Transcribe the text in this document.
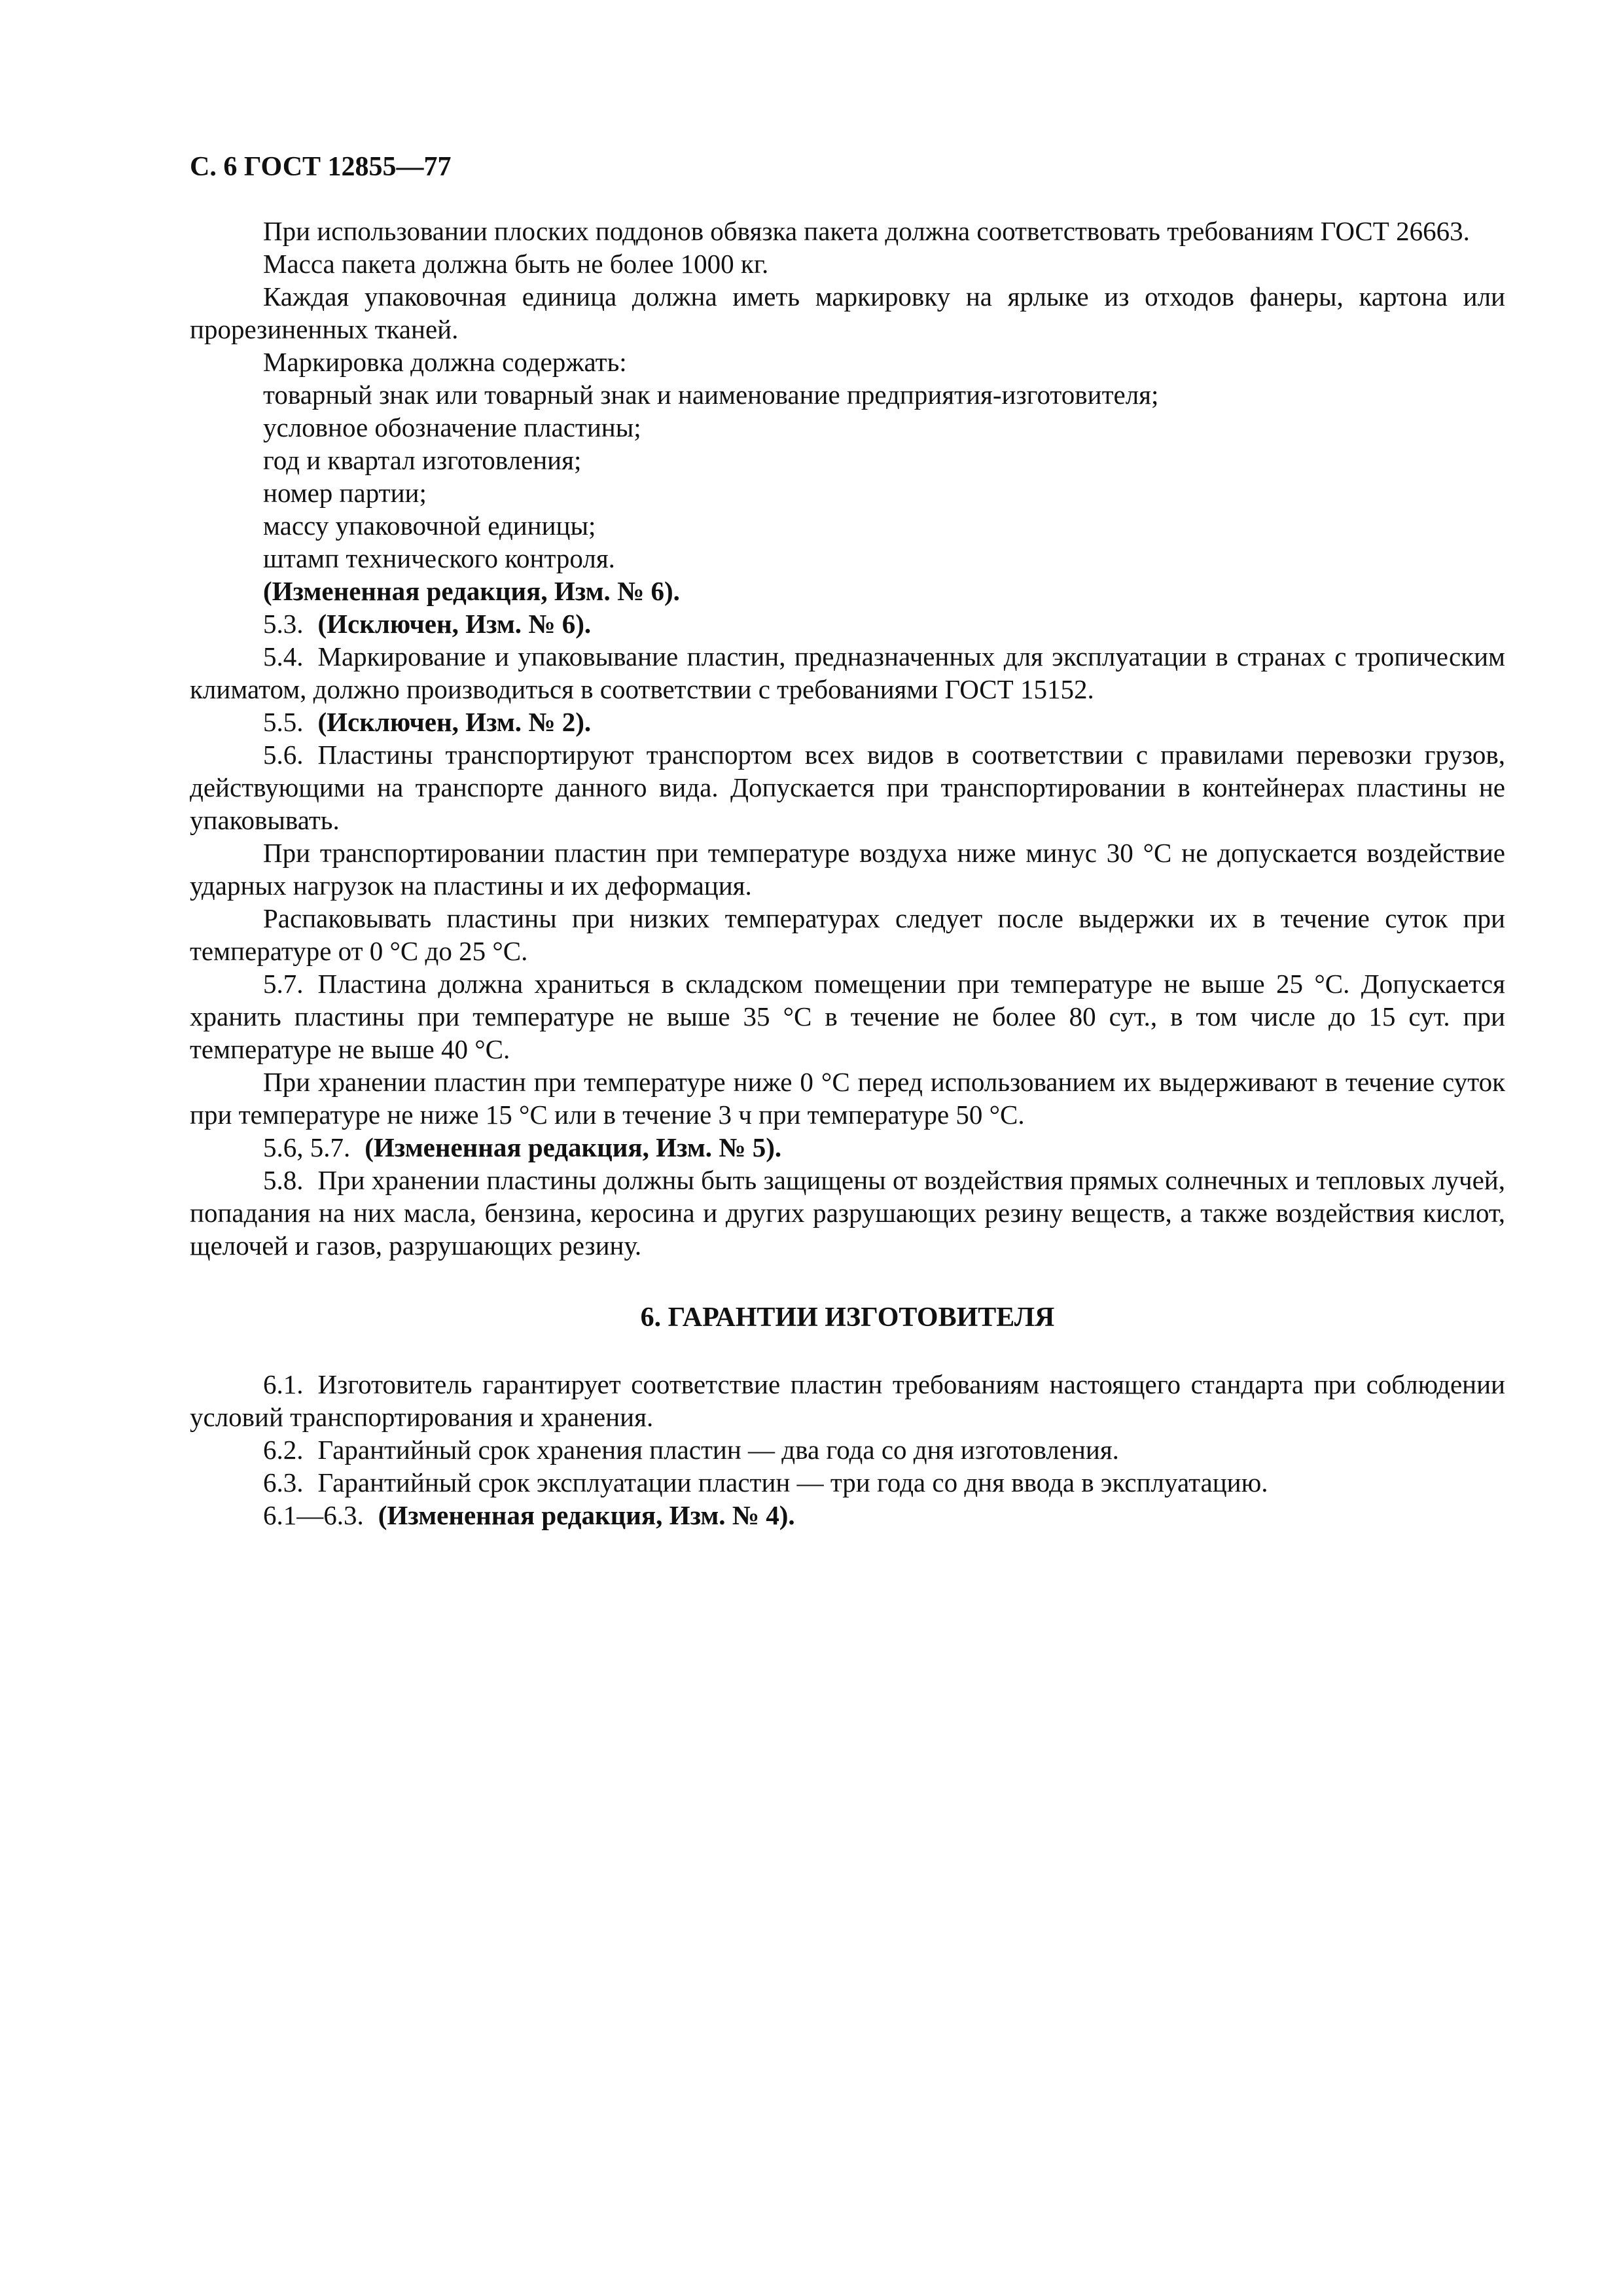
С. 6 ГОСТ 12855—77

При использовании плоских поддонов обвязка пакета должна соответствовать требованиям ГОСТ 26663.

Масса пакета должна быть не более 1000 кг.

Каждая упаковочная единица должна иметь маркировку на ярлыке из отходов фанеры, картона или прорезиненных тканей.

Маркировка должна содержать:

товарный знак или товарный знак и наименование предприятия-изготовителя;

условное обозначение пластины;

год и квартал изготовления;

номер партии;

массу упаковочной единицы;

штамп технического контроля.

(Измененная редакция, Изм. № 6).

5.3. (Исключен, Изм. № 6).

5.4. Маркирование и упаковывание пластин, предназначенных для эксплуатации в странах с тропическим климатом, должно производиться в соответствии с требованиями ГОСТ 15152.

5.5. (Исключен, Изм. № 2).

5.6. Пластины транспортируют транспортом всех видов в соответствии с правилами перевозки грузов, действующими на транспорте данного вида. Допускается при транспортировании в контейнерах пластины не упаковывать.

При транспортировании пластин при температуре воздуха ниже минус 30 °С не допускается воздействие ударных нагрузок на пластины и их деформация.

Распаковывать пластины при низких температурах следует после выдержки их в течение суток при температуре от 0 °С до 25 °С.

5.7. Пластина должна храниться в складском помещении при температуре не выше 25 °С. Допускается хранить пластины при температуре не выше 35 °С в течение не более 80 сут., в том числе до 15 сут. при температуре не выше 40 °С.

При хранении пластин при температуре ниже 0 °С перед использованием их выдерживают в течение суток при температуре не ниже 15 °С или в течение 3 ч при температуре 50 °С.

5.6, 5.7. (Измененная редакция, Изм. № 5).

5.8. При хранении пластины должны быть защищены от воздействия прямых солнечных и тепловых лучей, попадания на них масла, бензина, керосина и других разрушающих резину веществ, а также воздействия кислот, щелочей и газов, разрушающих резину.

6. ГАРАНТИИ ИЗГОТОВИТЕЛЯ

6.1. Изготовитель гарантирует соответствие пластин требованиям настоящего стандарта при соблюдении условий транспортирования и хранения.

6.2. Гарантийный срок хранения пластин — два года со дня изготовления.

6.3. Гарантийный срок эксплуатации пластин — три года со дня ввода в эксплуатацию.

6.1—6.3. (Измененная редакция, Изм. № 4).
